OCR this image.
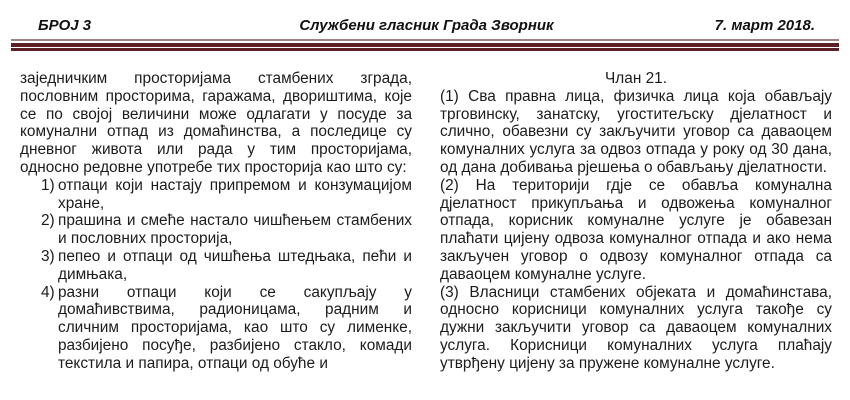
БРОЈ 3	Службени гласник Града Зворник	7. март 2018.

заједничким просторијама стамбених зграда, пословним просторима, гаражама, двориштима, које се по својој величини може одлагати у посуде за комунални отпад из домаћинства, а последице су дневног живота или рада у тим просторијама, односно редовне употребе тих просторија као што су:

1) отпаци који настају припремом и конзумацијом хране,
2) прашина и смеће настало чишћењем стамбених и пословних просторија,
3) пепео и отпаци од чишћења штедњака, пећи и димњака,
4) разни отпаци који се сакупљају у домаћивствима, радионицама, радним и сличним просторијама, као што су лименке, разбијено посуђе, разбијено стакло, комади текстила и папира, отпаци од обуће и
Члан 21.

(1) Сва правна лица, физичка лица која обављају трговинску, занатску, угоститељску дјелатност и слично, обавезни су закључити уговор са даваоцем комуналних услуга за одвоз отпада у року од 30 дана, од дана добивања рјешења о обављању дјелатности.

(2) На територији гдје се обавља комунална дјелатност прикупљања и одвожења комуналног отпада, корисник комуналне услуге је обавезан плаћати цијену одвоза комуналног отпада и ако нема закључен уговор о одвозу комуналног отпада са даваоцем комуналне услуге.

(3) Власници стамбених објеката и домаћинстава, односно корисници комуналних услуга такође су дужни закључити уговор са даваоцем комуналних услуга. Корисници комуналних услуга плаћају утврђену цијену за пружене комуналне услуге.
